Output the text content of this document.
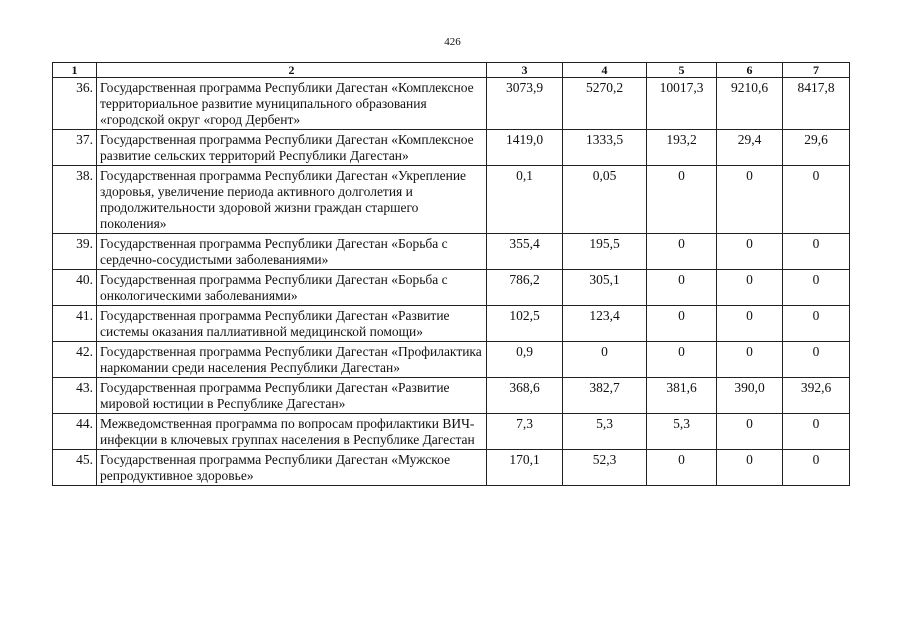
426
1	2	3	4	5	6	7
36.	Государственная программа Республики Дагестан «Комплексное территориальное развитие муниципального образования «городской округ «город Дербент»	3073,9	5270,2	10017,3	9210,6	8417,8
37.	Государственная программа Республики Дагестан «Комплексное развитие сельских территорий Республики Дагестан»	1419,0	1333,5	193,2	29,4	29,6
38.	Государственная программа Республики Дагестан «Укрепление здоровья, увеличение периода активного долголетия и продолжительности здоровой жизни граждан старшего поколения»	0,1	0,05	0	0	0
39.	Государственная программа Республики Дагестан «Борьба с сердечно-сосудистыми заболеваниями»	355,4	195,5	0	0	0
40.	Государственная программа Республики Дагестан «Борьба с онкологическими заболеваниями»	786,2	305,1	0	0	0
41.	Государственная программа Республики Дагестан «Развитие системы оказания паллиативной медицинской помощи»	102,5	123,4	0	0	0
42.	Государственная программа Республики Дагестан «Профилактика наркомании среди населения Республики Дагестан»	0,9	0	0	0	0
43.	Государственная программа Республики Дагестан «Развитие мировой юстиции в Республике Дагестан»	368,6	382,7	381,6	390,0	392,6
44.	Межведомственная программа по вопросам профилактики ВИЧ-инфекции в ключевых группах населения в Республике Дагестан	7,3	5,3	5,3	0	0
45.	Государственная программа Республики Дагестан «Мужское репродуктивное здоровье»	170,1	52,3	0	0	0
